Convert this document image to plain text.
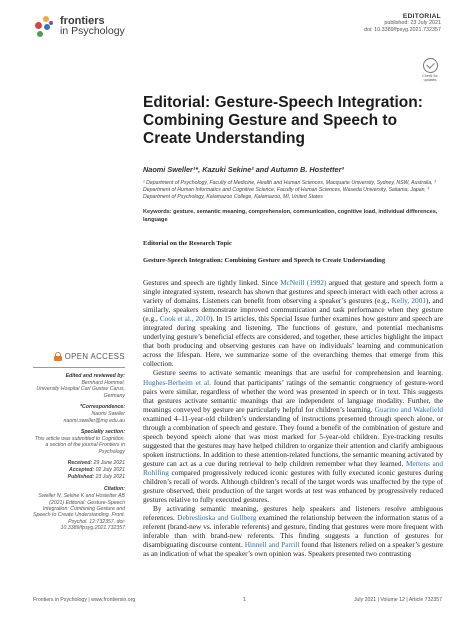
frontiers
in Psychology
EDITORIAL
published: 23 July 2021
doi: 10.3389/fpsyg.2021.732357
Check for updates
Editorial: Gesture-Speech Integration: Combining Gesture and Speech to Create Understanding
Naomi Sweller¹*, Kazuki Sekine² and Autumn B. Hostetter³
¹ Department of Psychology, Faculty of Medicine, Health and Human Sciences, Macquarie University, Sydney, NSW, Australia, ² Department of Human Informatics and Cognitive Science, Faculty of Human Sciences, Waseda University, Saitama, Japan, ³ Department of Psychology, Kalamazoo College, Kalamazoo, MI, United States
Keywords: gesture, semantic meaning, comprehension, communication, cognitive load, individual differences, language
Editorial on the Research Topic
Gesture-Speech Integration: Combining Gesture and Speech to Create Understanding

Gestures and speech are tightly linked. Since McNeill (1992) argued that gesture and speech form a single integrated system, research has shown that gestures and speech interact with each other across a variety of domains. Listeners can benefit from observing a speaker’s gestures (e.g., Kelly, 2001), and similarly, speakers demonstrate improved communication and task performance when they gesture (e.g., Cook et al., 2010). In 15 articles, this Special Issue further examines how gesture and speech are integrated during speaking and listening. The functions of gesture, and potential mechanisms underlying gesture’s beneficial effects are considered, and together, these articles highlight the impact that both producing and observing gestures can have on individuals’ learning and communication across the lifespan. Here, we summarize some of the overarching themes that emerge from this collection.

Gesture seems to activate semantic meanings that are useful for comprehension and learning. Hughes-Berheim et al. found that participants’ ratings of the semantic congruency of gesture-word pairs were similar, regardless of whether the word was presented in speech or in text. This suggests that gestures activate semantic meanings that are independent of language modality. Further, the meanings conveyed by gesture are particularly helpful for children’s learning. Guarino and Wakefield examined 4–11-year-old children’s understanding of instructions presented through speech alone, or through a combination of speech and gesture. They found a benefit of the combination of gesture and speech beyond speech alone that was most marked for 5-year-old children. Eye-tracking results suggested that the gestures may have helped children to organize their attention and clarify ambiguous spoken instructions. In addition to these attention-related functions, the semantic meaning activated by gesture can act as a cue during retrieval to help children remember what they learned. Mertens and Rohlfing compared progressively reduced iconic gestures with fully executed iconic gestures during children’s recall of words. Although children’s recall of the target words was unaffected by the type of gesture observed, their production of the target words at test was enhanced by progressively reduced gestures relative to fully executed gestures.

By activating semantic meaning, gestures help speakers and listeners resolve ambiguous references. Debreslioska and Gullberg examined the relationship between the information status of a referent (brand-new vs. inferable referents) and gesture, finding that gestures were more frequent with inferable than with brand-new referents. This finding suggests a function of gestures for disambiguating discourse content. Hinnell and Parrill found that listeners relied on a speaker’s gesture as an indication of what the speaker’s own opinion was. Speakers presented two contrasting

OPEN ACCESS
Edited and reviewed by:
Bernhard Hommel,
University Hospital Carl Gustav Carus, Germany
*Correspondence:
Naomi Sweller
naomi.sweller@mq.edu.au
Specialty section:
This article was submitted to Cognition, a section of the journal Frontiers in Psychology
Received: 29 June 2021
Accepted: 02 July 2021
Published: 23 July 2021
Citation:
Sweller N, Sekine K and Hostetter AB (2021) Editorial: Gesture-Speech Integration: Combining Gesture and Speech to Create Understanding. Front. Psychol. 12:732357. doi: 10.3389/fpsyg.2021.732357
Frontiers in Psychology | www.frontiersin.org	1	July 2021 | Volume 12 | Article 732357
